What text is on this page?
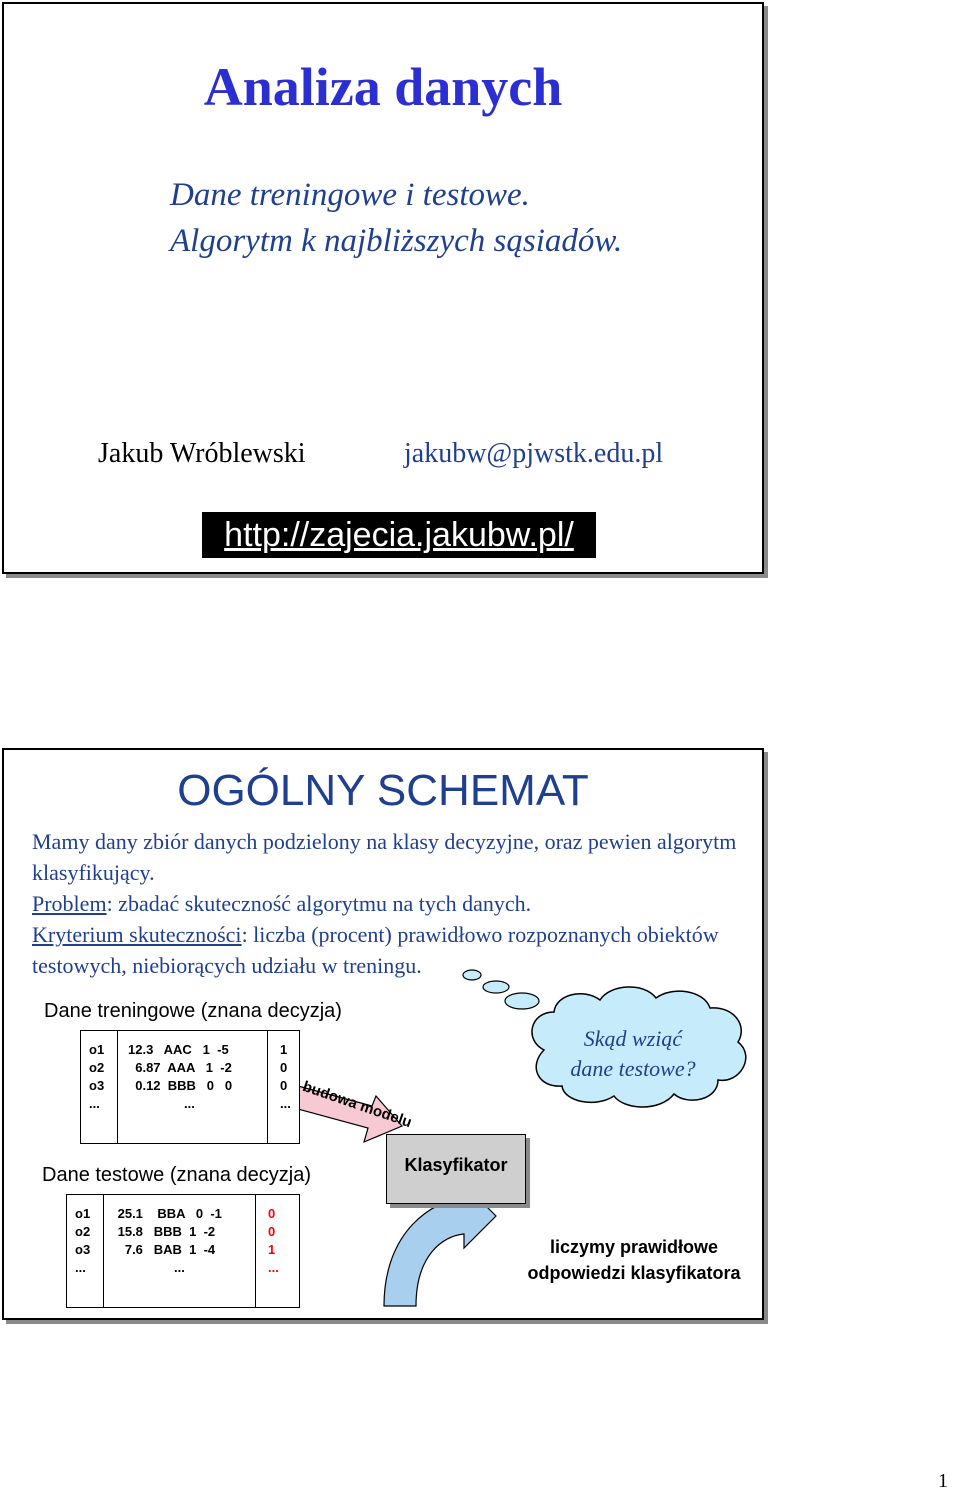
Analiza danych
Dane treningowe i testowe.
Algorytm k najbliższych sąsiadów.
Jakub Wróblewski	jakubw@pjwstk.edu.pl
http://zajecia.jakubw.pl/
OGÓLNY SCHEMAT

Mamy dany zbiór danych podzielony na klasy decyzyjne, oraz pewien algorytm klasyfikujący.

Problem: zbadać skuteczność algorytmu na tych danych.

Kryterium skuteczności: liczba (procent) prawidłowo rozpoznanych obiektów testowych, niebiorących udziału w treningu.

Dane treningowe (znana decyzja)
o1
o2
o3
...
12.3   AAC   1  -5
6.87  AAA   1  -2
0.12  BBB   0   0
...
1
0
0
... budowa modelu
Skąd wziąć
dane testowe?
Klasyfikator
Dane testowe (znana decyzja)
o1
o2
o3
...
25.1    BBA   0  -1
15.8   BBB  1  -2
7.6   BAB  1  -4
...
0
0
1
...
liczymy prawidłowe
odpowiedzi klasyfikatora
1
